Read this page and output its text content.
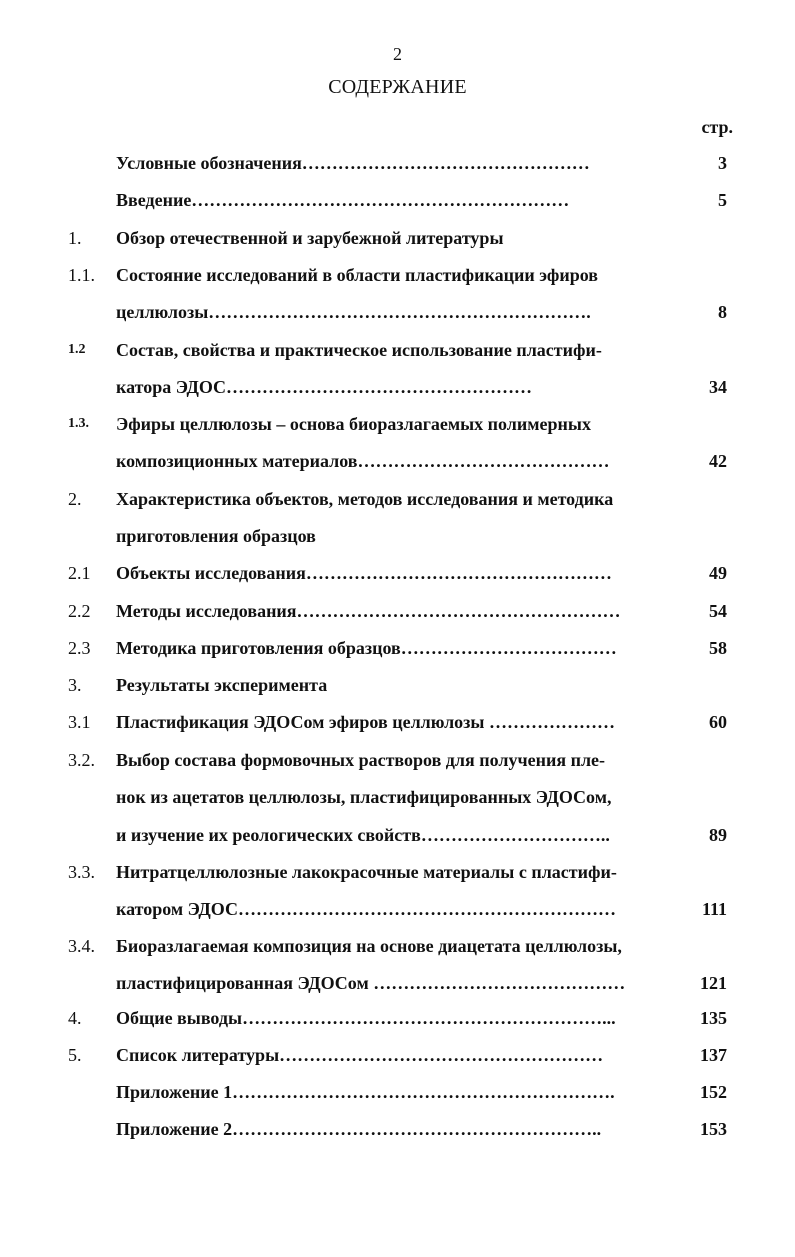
2
СОДЕРЖАНИЕ
стр.
Условные обозначения…………………………………………	3
Введение………………………………………………………	5
1. Обзор отечественной и зарубежной литературы
1.1. Состояние исследований в области пластификации эфиров
целлюлозы……………………………………………………….	8
1.2 Состав, свойства и практическое использование пластифи-
катора ЭДОС……………………………………………	34
1.3. Эфиры целлюлозы – основа биоразлагаемых полимерных
композиционных материалов……………………………………	42
2. Характеристика объектов, методов исследования и методика
приготовления образцов
2.1 Объекты исследования……………………………………………	49
2.2 Методы исследования………………………………………………	54
2.3 Методика приготовления образцов………………………………	58
3. Результаты эксперимента
3.1 Пластификация ЭДОСом эфиров целлюлозы …………………	60
3.2. Выбор состава формовочных растворов для получения пле-
нок из ацетатов целлюлозы, пластифицированных ЭДОСом,
и изучение их реологических свойств…………………………..	89
3.3. Нитратцеллюлозные лакокрасочные материалы с пластифи-
катором ЭДОС………………………………………………………	111
3.4. Биоразлагаемая композиция на основе диацетата целлюлозы,
пластифицированная ЭДОСом ……………………………………	121
4. Общие выводы……………………………………………………...	135
5. Список литературы………………………………………………	137
Приложение 1……………………………………………………….	152
Приложение 2……………………………………………………..	153
